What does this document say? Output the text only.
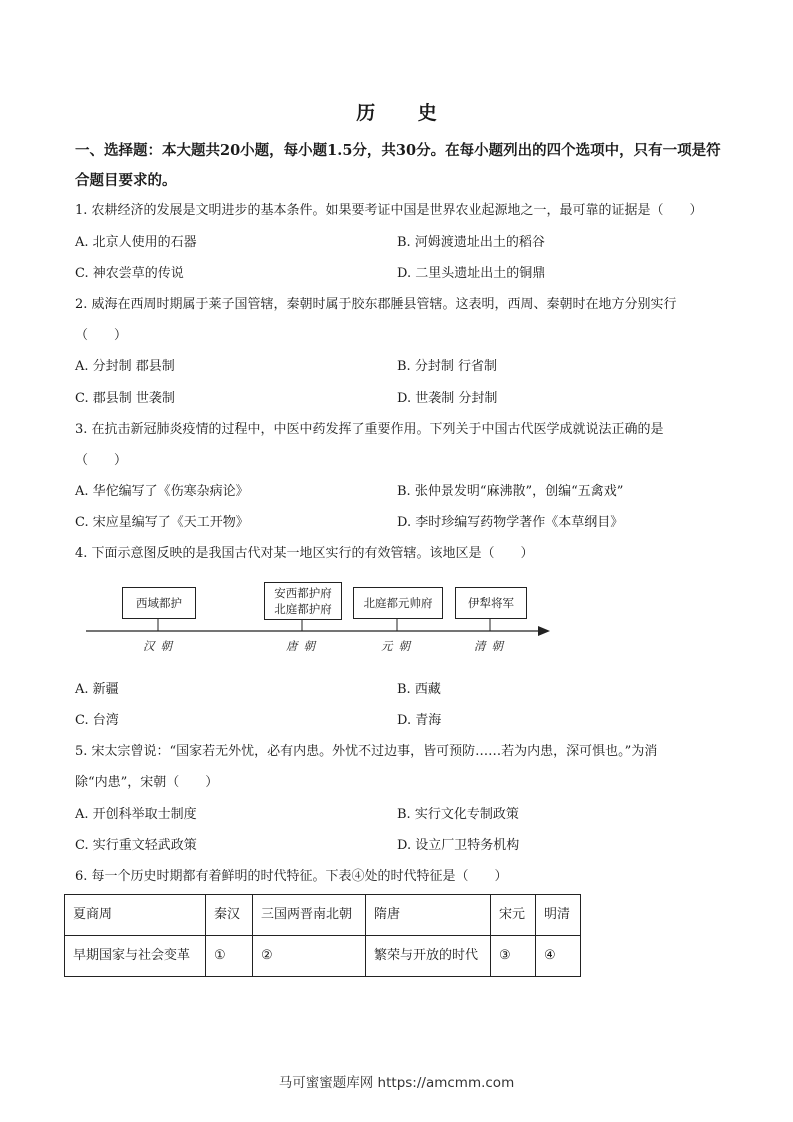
历 史
一、选择题：本大题共20小题，每小题1.5分，共30分。在每小题列出的四个选项中，只有一项是符合题目要求的。
1. 农耕经济的发展是文明进步的基本条件。如果要考证中国是世界农业起源地之一，最可靠的证据是（　　）
A. 北京人使用的石器	B. 河姆渡遗址出土的稻谷
C. 神农尝草的传说	D. 二里头遗址出土的铜鼎
2. 威海在西周时期属于莱子国管辖，秦朝时属于胶东郡腄县管辖。这表明，西周、秦朝时在地方分别实行
（　　）
A. 分封制 郡县制	B. 分封制 行省制
C. 郡县制 世袭制	D. 世袭制 分封制
3. 在抗击新冠肺炎疫情的过程中，中医中药发挥了重要作用。下列关于中国古代医学成就说法正确的是
（　　）
A. 华佗编写了《伤寒杂病论》	B. 张仲景发明“麻沸散”，创编“五禽戏”
C. 宋应星编写了《天工开物》	D. 李时珍编写药物学著作《本草纲目》
4. 下面示意图反映的是我国古代对某一地区实行的有效管辖。该地区是（　　）
西域都护
安西都护府
北庭都护府	北庭都元帅府	伊犁将军
汉朝	唐朝	元朝	清朝
A. 新疆	B. 西藏
C. 台湾	D. 青海
5. 宋太宗曾说：“国家若无外忧，必有内患。外忧不过边事，皆可预防……若为内患，深可惧也。”为消
除“内患”，宋朝（　　）
A. 开创科举取士制度	B. 实行文化专制政策
C. 实行重文轻武政策	D. 设立厂卫特务机构
6. 每一个历史时期都有着鲜明的时代特征。下表④处的时代特征是（　　）
夏商周	秦汉	三国两晋南北朝	隋唐	宋元	明清
早期国家与社会变革	①	②	繁荣与开放的时代	③	④
马可蜜蜜题库网 https://amcmm.com
